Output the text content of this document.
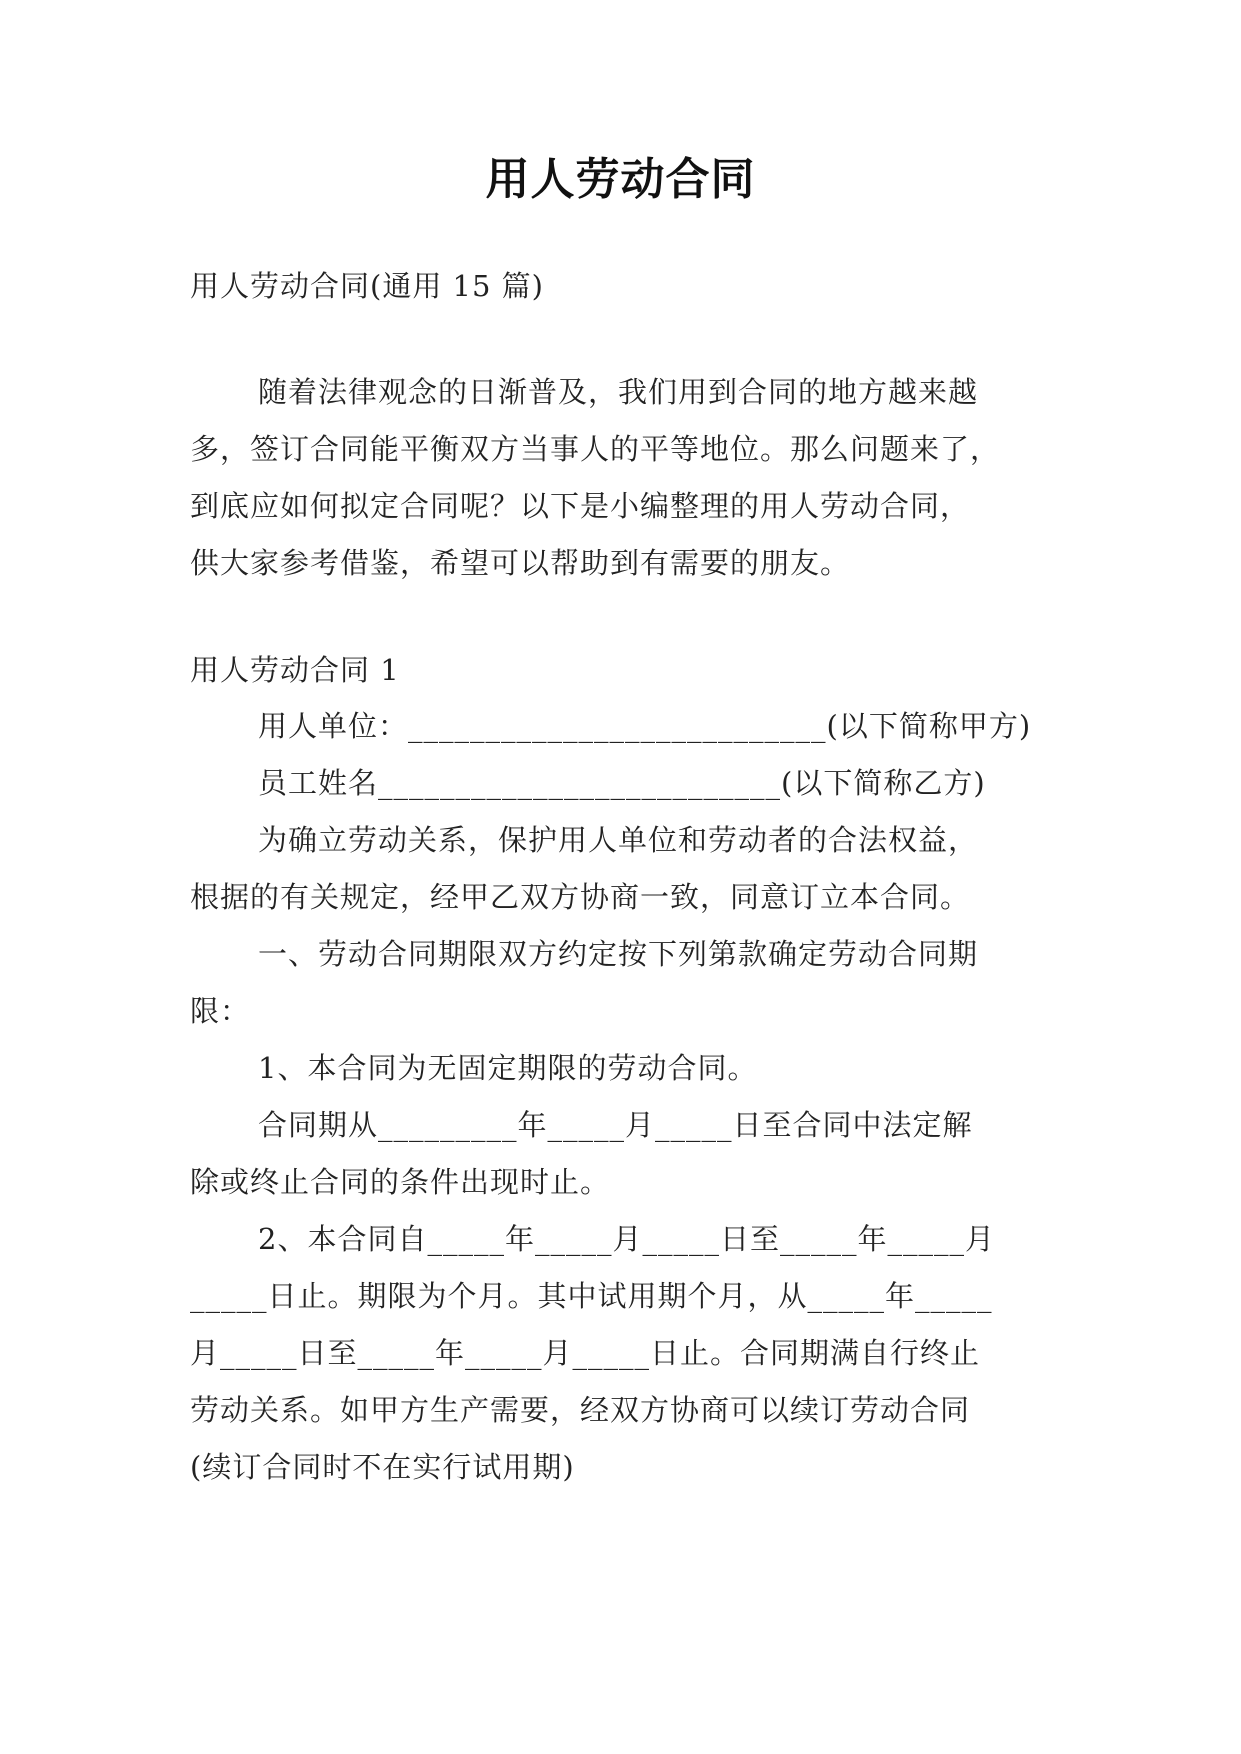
用人劳动合同
用人劳动合同(通用 15 篇)
随着法律观念的日渐普及，我们用到合同的地方越来越
多，签订合同能平衡双方当事人的平等地位。那么问题来了，
到底应如何拟定合同呢？以下是小编整理的用人劳动合同，
供大家参考借鉴，希望可以帮助到有需要的朋友。
用人劳动合同 1
用人单位：___________________________(以下简称甲方)
员工姓名__________________________(以下简称乙方)
为确立劳动关系，保护用人单位和劳动者的合法权益，
根据的有关规定，经甲乙双方协商一致，同意订立本合同。
一、劳动合同期限双方约定按下列第款确定劳动合同期
限：
1、本合同为无固定期限的劳动合同。
合同期从_________年_____月_____日至合同中法定解
除或终止合同的条件出现时止。
2、本合同自_____年_____月_____日至_____年_____月
_____日止。期限为个月。其中试用期个月，从_____年_____
月_____日至_____年_____月_____日止。合同期满自行终止
劳动关系。如甲方生产需要，经双方协商可以续订劳动合同
(续订合同时不在实行试用期)
